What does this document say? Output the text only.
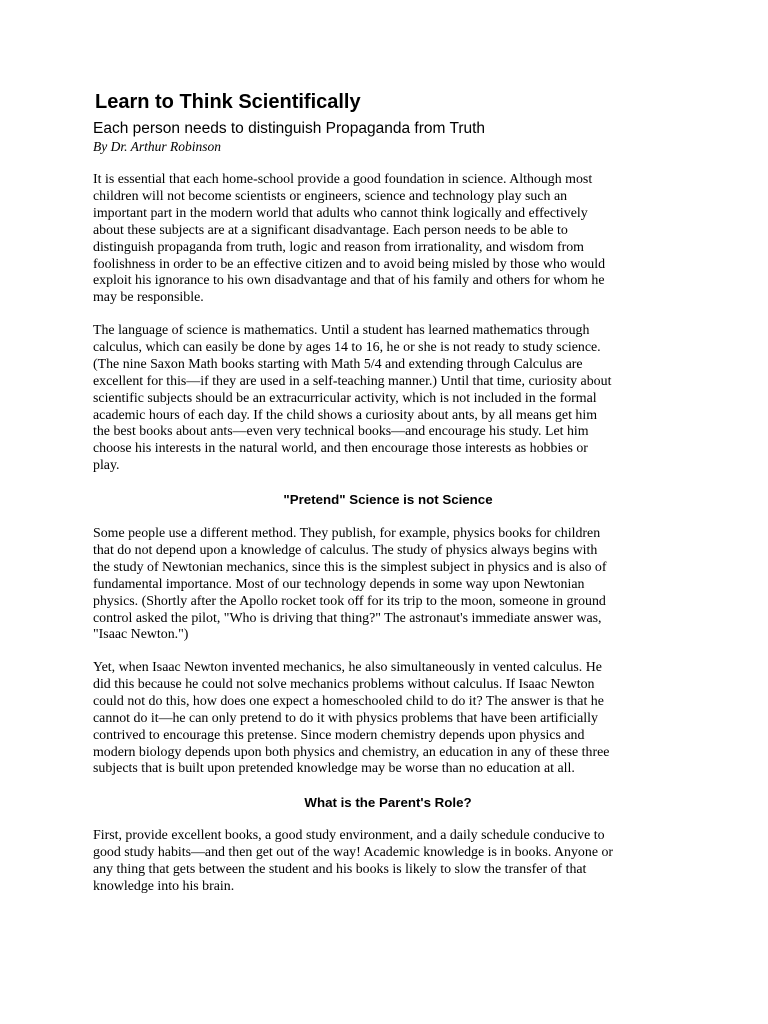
Learn to Think Scientifically
Each person needs to distinguish Propaganda from Truth
By Dr. Arthur Robinson
It is essential that each home-school provide a good foundation in science. Although most
children will not become scientists or engineers, science and technology play such an
important part in the modern world that adults who cannot think logically and effectively
about these subjects are at a significant disadvantage. Each person needs to be able to
distinguish propaganda from truth, logic and reason from irrationality, and wisdom from
foolishness in order to be an effective citizen and to avoid being misled by those who would
exploit his ignorance to his own disadvantage and that of his family and others for whom he
may be responsible.
The language of science is mathematics. Until a student has learned mathematics through
calculus, which can easily be done by ages 14 to 16, he or she is not ready to study science.
(The nine Saxon Math books starting with Math 5/4 and extending through Calculus are
excellent for this—if they are used in a self-teaching manner.) Until that time, curiosity about
scientific subjects should be an extracurricular activity, which is not included in the formal
academic hours of each day. If the child shows a curiosity about ants, by all means get him
the best books about ants—even very technical books—and encourage his study. Let him
choose his interests in the natural world, and then encourage those interests as hobbies or
play.
"Pretend" Science is not Science
Some people use a different method. They publish, for example, physics books for children
that do not depend upon a knowledge of calculus. The study of physics always begins with
the study of Newtonian mechanics, since this is the simplest subject in physics and is also of
fundamental importance. Most of our technology depends in some way upon Newtonian
physics. (Shortly after the Apollo rocket took off for its trip to the moon, someone in ground
control asked the pilot, "Who is driving that thing?" The astronaut's immediate answer was,
"Isaac Newton.")
Yet, when Isaac Newton invented mechanics, he also simultaneously in vented calculus. He
did this because he could not solve mechanics problems without calculus. If Isaac Newton
could not do this, how does one expect a homeschooled child to do it? The answer is that he
cannot do it—he can only pretend to do it with physics problems that have been artificially
contrived to encourage this pretense. Since modern chemistry depends upon physics and
modern biology depends upon both physics and chemistry, an education in any of these three
subjects that is built upon pretended knowledge may be worse than no education at all.
What is the Parent's Role?
First, provide excellent books, a good study environment, and a daily schedule conducive to
good study habits—and then get out of the way! Academic knowledge is in books. Anyone or
any thing that gets between the student and his books is likely to slow the transfer of that
knowledge into his brain.
